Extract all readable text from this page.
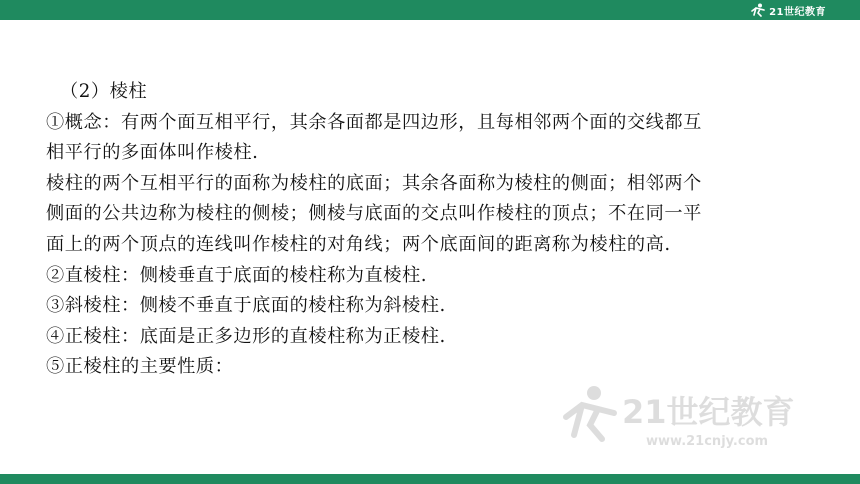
21世纪教育
（2）棱柱
①概念：有两个面互相平行，其余各面都是四边形，且每相邻两个面的交线都互
相平行的多面体叫作棱柱.
棱柱的两个互相平行的面称为棱柱的底面；其余各面称为棱柱的侧面；相邻两个
侧面的公共边称为棱柱的侧棱；侧棱与底面的交点叫作棱柱的顶点；不在同一平
面上的两个顶点的连线叫作棱柱的对角线；两个底面间的距离称为棱柱的高.
②直棱柱：侧棱垂直于底面的棱柱称为直棱柱.
③斜棱柱：侧棱不垂直于底面的棱柱称为斜棱柱.
④正棱柱：底面是正多边形的直棱柱称为正棱柱.
⑤正棱柱的主要性质：
21世纪教育
www.21cnjy.com
